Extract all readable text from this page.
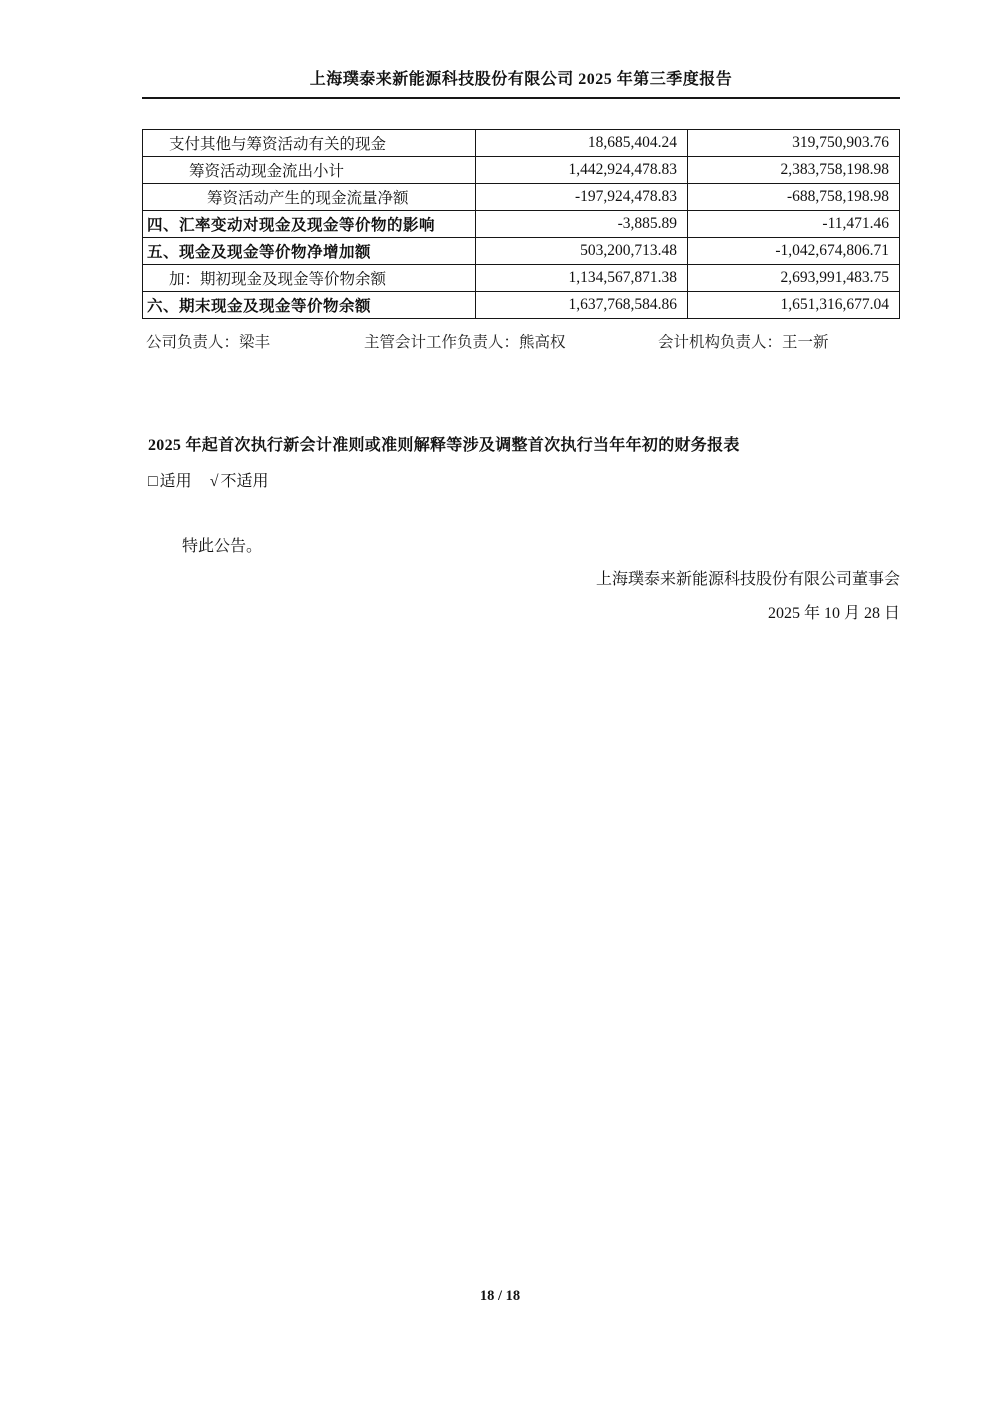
上海璞泰来新能源科技股份有限公司 2025 年第三季度报告
支付其他与筹资活动有关的现金	18,685,404.24	319,750,903.76
筹资活动现金流出小计	1,442,924,478.83	2,383,758,198.98
筹资活动产生的现金流量净额	-197,924,478.83	-688,758,198.98
四、汇率变动对现金及现金等价物的影响	-3,885.89	-11,471.46
五、现金及现金等价物净增加额	503,200,713.48	-1,042,674,806.71
加：期初现金及现金等价物余额	1,134,567,871.38	2,693,991,483.75
六、期末现金及现金等价物余额	1,637,768,584.86	1,651,316,677.04
公司负责人：梁丰	主管会计工作负责人：熊高权	会计机构负责人：王一新
2025 年起首次执行新会计准则或准则解释等涉及调整首次执行当年年初的财务报表
□ 适用 √ 不适用
特此公告。
上海璞泰来新能源科技股份有限公司董事会
2025 年 10 月 28 日
18 / 18
